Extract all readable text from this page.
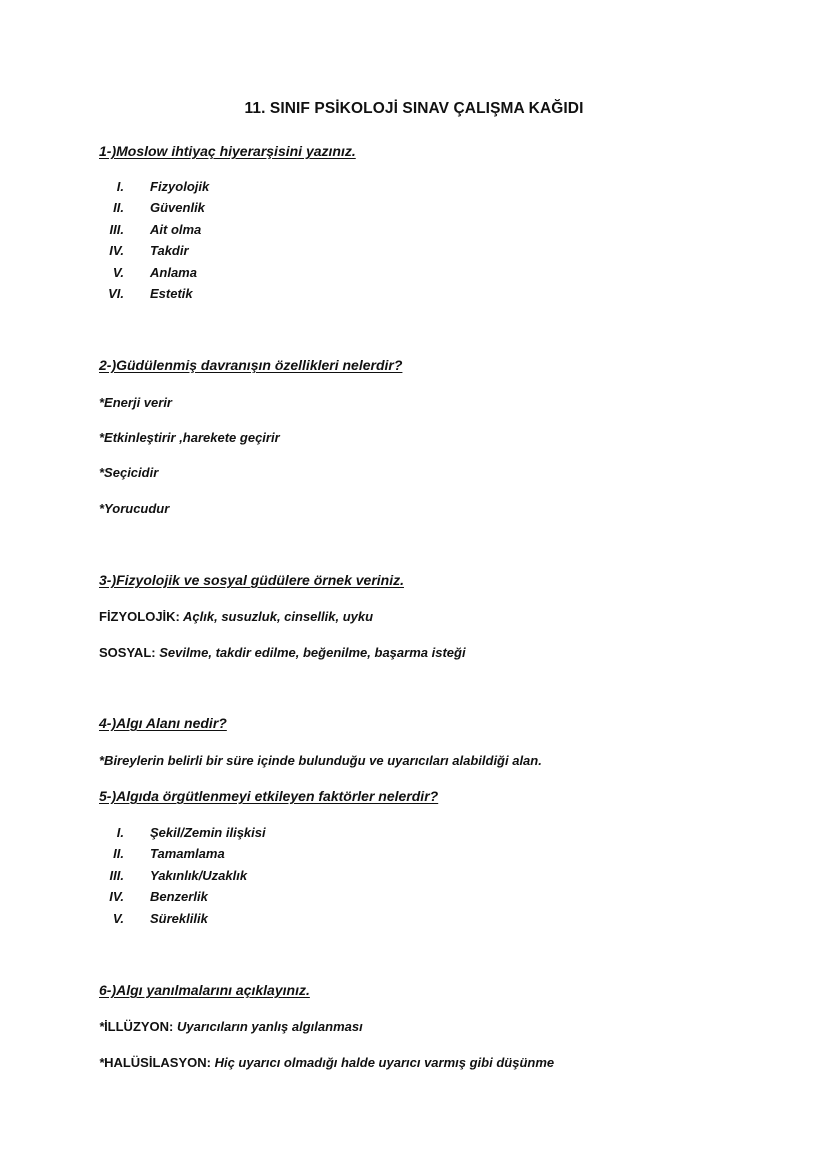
11. SINIF PSİKOLOJİ SINAV ÇALIŞMA KAĞIDI
1-)Moslow ihtiyaç hiyerarşisini yazınız.
I. Fizyolojik
II. Güvenlik
III. Ait olma
IV. Takdir
V. Anlama
VI. Estetik
2-)Güdülenmiş davranışın özellikleri nelerdir?
*Enerji verir
*Etkinleştirir ,harekete geçirir
*Seçicidir
*Yorucudur
3-)Fizyolojik ve sosyal güdülere örnek veriniz.
FİZYOLOJİK: Açlık, susuzluk, cinsellik, uyku
SOSYAL: Sevilme, takdir edilme, beğenilme, başarma isteği
4-)Algı Alanı nedir?
*Bireylerin belirli bir süre içinde bulunduğu ve uyarıcıları alabildiği alan.
5-)Algıda örgütlenmeyi etkileyen faktörler nelerdir?
I. Şekil/Zemin ilişkisi
II. Tamamlama
III. Yakınlık/Uzaklık
IV. Benzerlik
V. Süreklilik
6-)Algı yanılmalarını açıklayınız.
*İLLÜZYON: Uyarıcıların yanlış algılanması
*HALÜSİLASYON: Hiç uyarıcı olmadığı halde uyarıcı varmış gibi düşünme
